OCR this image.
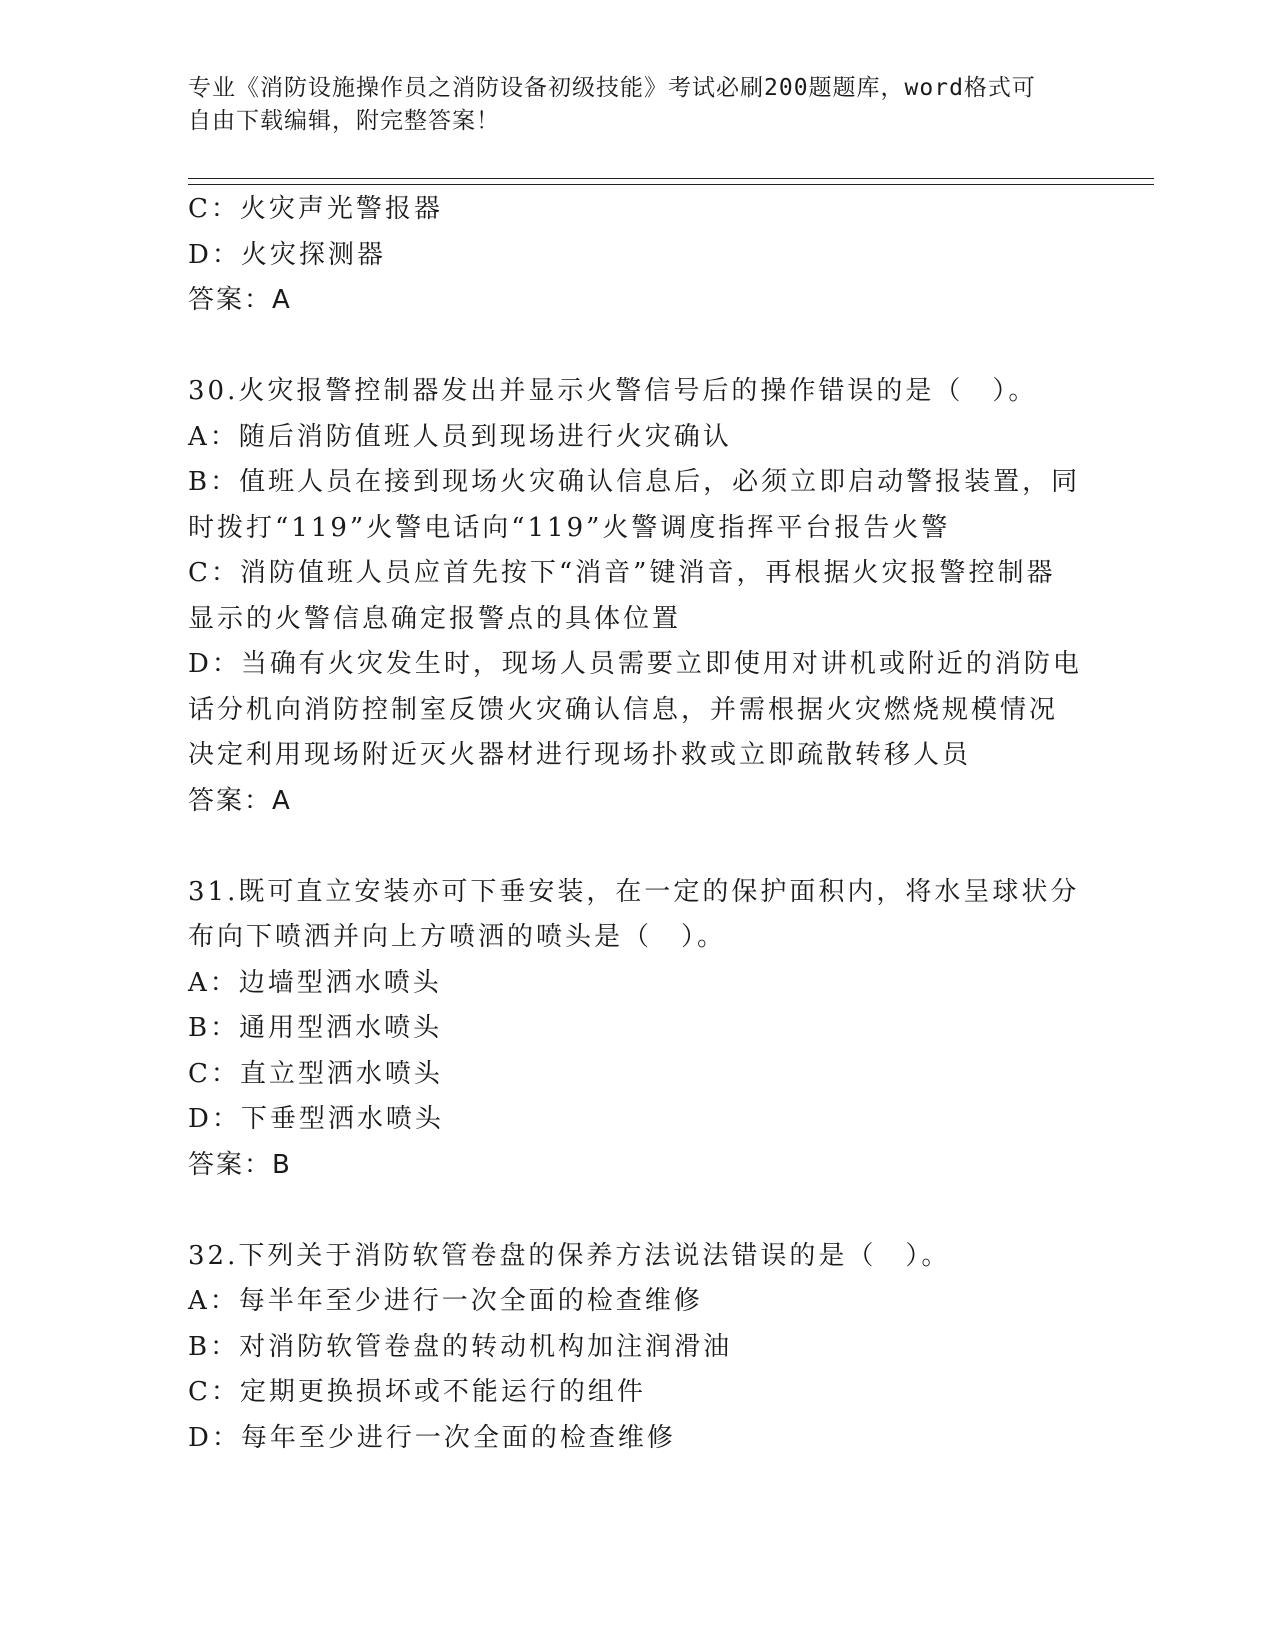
专业《消防设施操作员之消防设备初级技能》考试必刷200题题库，word格式可
自由下载编辑，附完整答案！
C：火灾声光警报器
D：火灾探测器
答案：A
30.火灾报警控制器发出并显示火警信号后的操作错误的是（　）。
A：随后消防值班人员到现场进行火灾确认
B：值班人员在接到现场火灾确认信息后，必须立即启动警报装置，同
时拨打“119”火警电话向“119”火警调度指挥平台报告火警
C：消防值班人员应首先按下“消音”键消音，再根据火灾报警控制器
显示的火警信息确定报警点的具体位置
D：当确有火灾发生时，现场人员需要立即使用对讲机或附近的消防电
话分机向消防控制室反馈火灾确认信息，并需根据火灾燃烧规模情况
决定利用现场附近灭火器材进行现场扑救或立即疏散转移人员
答案：A
31.既可直立安装亦可下垂安装，在一定的保护面积内，将水呈球状分
布向下喷洒并向上方喷洒的喷头是（　）。
A：边墙型洒水喷头
B：通用型洒水喷头
C：直立型洒水喷头
D：下垂型洒水喷头
答案：B
32.下列关于消防软管卷盘的保养方法说法错误的是（　）。
A：每半年至少进行一次全面的检查维修
B：对消防软管卷盘的转动机构加注润滑油
C：定期更换损坏或不能运行的组件
D：每年至少进行一次全面的检查维修
